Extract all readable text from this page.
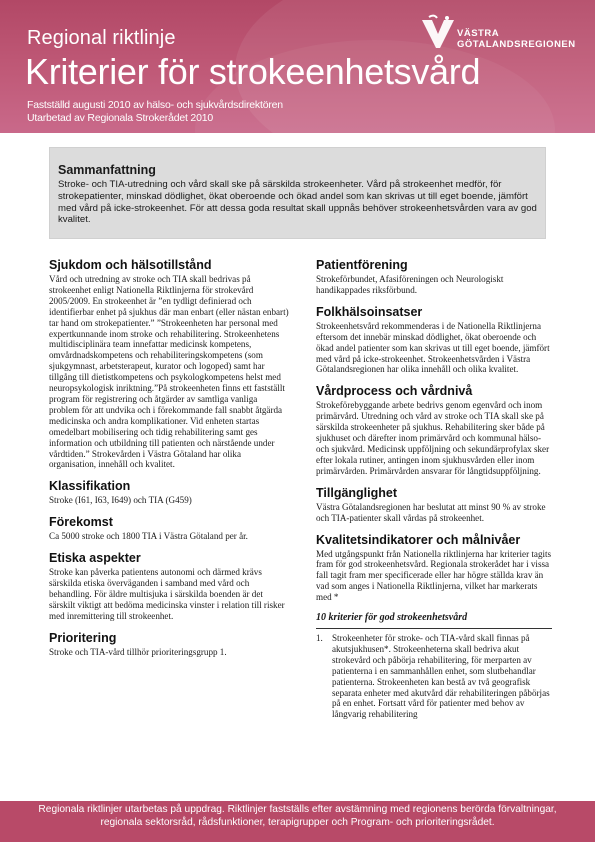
Regional riktlinje
Kriterier för strokeenhetsvård
Fastställd augusti 2010 av hälso- och sjukvårdsdirektören
Utarbetad av Regionala Strokerådet 2010
VÄSTRA
GÖTALANDSREGIONEN
Sammanfattning

Stroke- och TIA-utredning och vård skall ske på särskilda strokeenheter. Vård på strokeenhet medför, för strokepatienter, minskad dödlighet, ökat oberoende och ökad andel som kan skrivas ut till eget boende, jämfört med vård på icke-strokeenhet. För att dessa goda resultat skall uppnås behöver strokeenhetsvården vara av god kvalitet.

Sjukdom och hälsotillstånd
Vård och utredning av stroke och TIA skall bedrivas på strokeenhet enligt Nationella Riktlinjerna för strokevård 2005/2009. En strokeenhet är ”en tydligt definierad och identifierbar enhet på sjukhus där man enbart (eller nästan enbart) tar hand om strokepatienter.” ”Strokeenheten har personal med expertkunnande inom stroke och rehabilitering. Strokeenhetens multidisciplinära team innefattar medicinsk kompetens, omvårdnadskompetens och rehabiliteringskompetens (som sjukgymnast, arbetsterapeut, kurator och logoped) samt har tillgång till dietistkompetens och psykologkompetens helst med neuropsykologisk inriktning.”På strokeenheten finns ett fastställt program för registrering och åtgärder av samtliga vanliga problem för att undvika och i förekommande fall snabbt åtgärda medicinska och andra komplikationer. Vid enheten startas omedelbart mobilisering och tidig rehabilitering samt ges information och utbildning till patienten och närstående under vårdtiden.” Strokevården i Västra Götaland har olika organisation, innehåll och kvalitet.
Klassifikation
Stroke (I61, I63, I649) och TIA (G459)
Förekomst
Ca 5000 stroke och 1800 TIA i Västra Götaland per år.
Etiska aspekter
Stroke kan påverka patientens autonomi och därmed krävs särskilda etiska överväganden i samband med vård och behandling. För äldre multisjuka i särskilda boenden är det särskilt viktigt att bedöma medicinska vinster i relation till risker med inremittering till strokeenhet.
Prioritering
Stroke och TIA-vård tillhör prioriteringsgrupp 1.
Patientförening
Strokeförbundet, Afasiföreningen och Neurologiskt handikappades riksförbund.
Folkhälsoinsatser
Strokeenhetsvård rekommenderas i de Nationella Riktlinjerna eftersom det innebär minskad dödlighet, ökat oberoende och ökad andel patienter som kan skrivas ut till eget boende, jämfört med vård på icke-strokeenhet. Strokeenhetsvården i Västra Götalandsregionen har olika innehåll och olika kvalitet.
Vårdprocess och vårdnivå
Strokeförebyggande arbete bedrivs genom egenvård och inom primärvård. Utredning och vård av stroke och TIA skall ske på särskilda strokeenheter på sjukhus. Rehabilitering sker både på sjukhuset och därefter inom primärvård och kommunal hälso- och sjukvård. Medicinsk uppföljning och sekundärprofylax sker efter lokala rutiner, antingen inom sjukhusvården eller inom primärvården. Primärvården ansvarar för långtidsuppföljning.
Tillgänglighet
Västra Götalandsregionen har beslutat att minst 90 % av stroke och TIA-patienter skall vårdas på strokeenhet.
Kvalitetsindikatorer och målnivåer
Med utgångspunkt från Nationella riktlinjerna har kriterier tagits fram för god strokeenhetsvård. Regionala strokerådet har i vissa fall tagit fram mer specificerade eller har högre ställda krav än vad som anges i Nationella Riktlinjerna, vilket har markerats med *
10 kriterier för god strokeenhetsvård
1.	Strokeenheter för stroke- och TIA-vård skall finnas på akutsjukhusen*. Strokeenheterna skall bedriva akut strokevård och påbörja rehabilitering, för merparten av patienterna i en sammanhållen enhet, som slutbehandlar patienterna. Strokeenheten kan bestå av två geografisk separata enheter med akutvård där rehabiliteringen påbörjas på en enhet. Fortsatt vård för patienter med behov av långvarig rehabilitering

Regionala riktlinjer utarbetas på uppdrag. Riktlinjer fastställs efter avstämning med regionens berörda förvaltningar, regionala sektorsråd, rådsfunktioner, terapigrupper och Program- och prioriteringsrådet.
